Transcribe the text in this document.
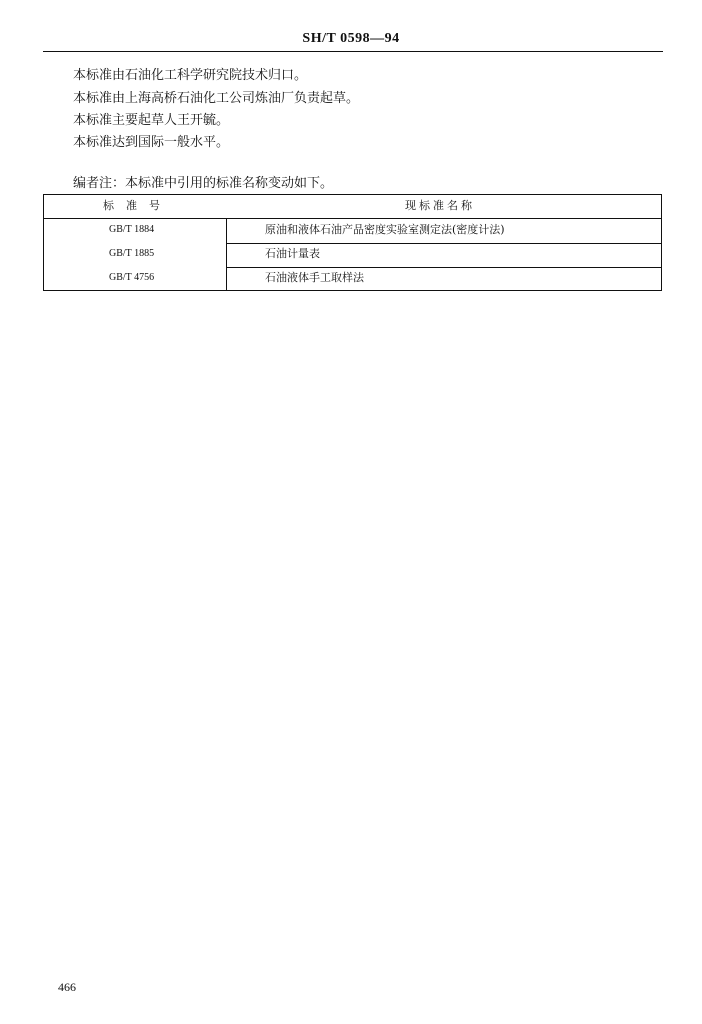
SH/T 0598—94
本标准由石油化工科学研究院技术归口。
本标准由上海高桥石油化工公司炼油厂负责起草。
本标准主要起草人王开毓。
本标准达到国际一般水平。
编者注：本标准中引用的标准名称变动如下。
标准号	现标准名称
GB/T 1884	原油和液体石油产品密度实验室测定法(密度计法)
GB/T 1885	石油计量表
GB/T 4756	石油液体手工取样法
466
